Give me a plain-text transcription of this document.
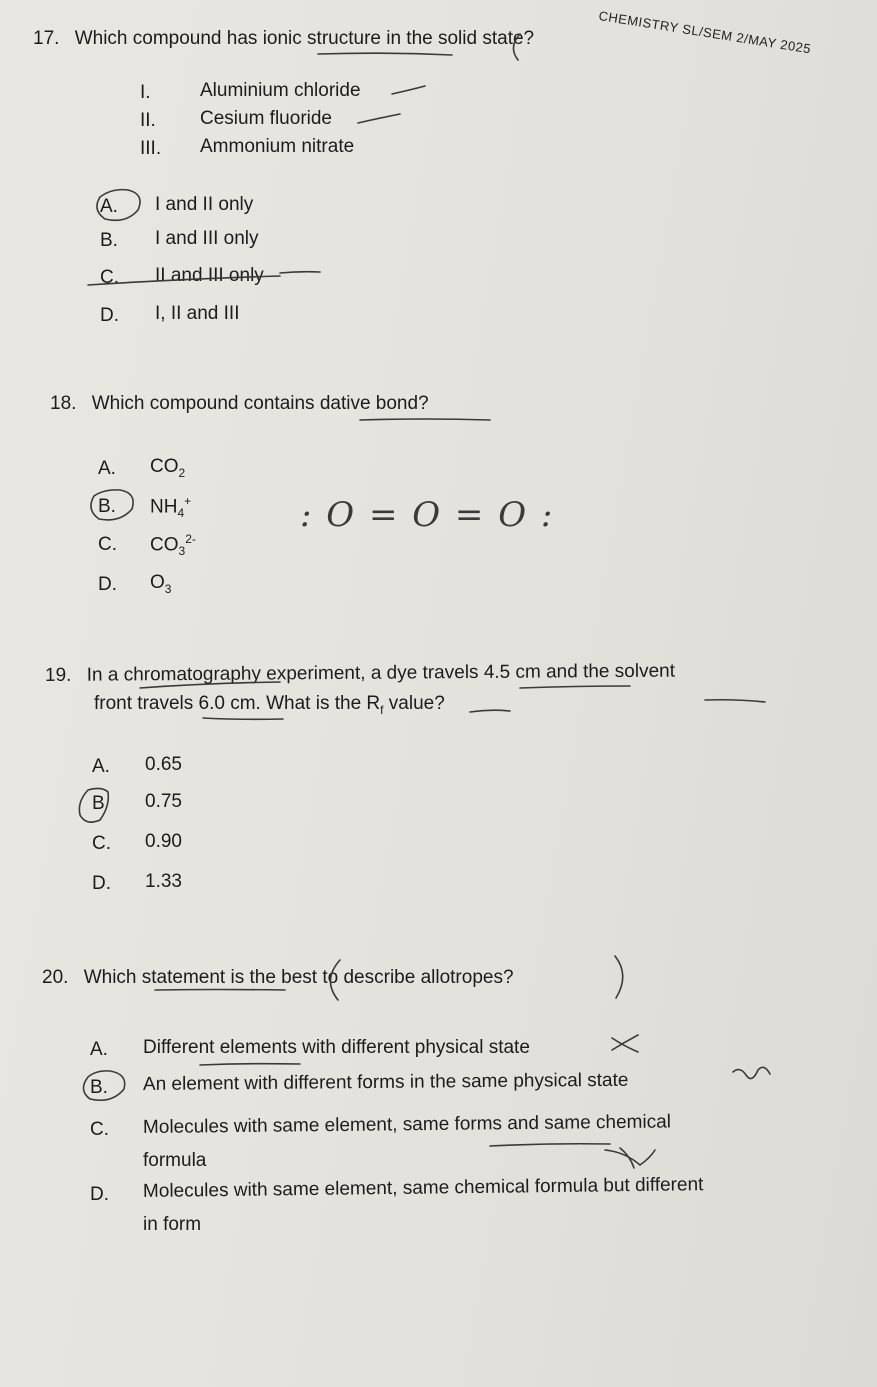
CHEMISTRY SL/SEM 2/MAY 2025
17. Which compound has ionic structure in the solid state?
I.	Aluminium chloride
II. Cesium fluoride
III. Ammonium nitrate
A. I and II only
B. I and III only
C. II and III only
D. I, II and III
18. Which compound contains dative bond?
A. $CO_2$
B. $NH_4^+$
C. $CO_3^{2-}$
D. $O_3$
: O = O = O :
19. In a chromatography experiment, a dye travels 4.5 cm and the solvent
front travels 6.0 cm. What is the $R_f$ value?
A. 0.65
B 0.75
C. 0.90
D. 1.33
20. Which statement is the best to describe allotropes?
A. Different elements with different physical state
B. An element with different forms in the same physical state
C. Molecules with same element, same forms and same chemical
formula
D. Molecules with same element, same chemical formula but different
in form
